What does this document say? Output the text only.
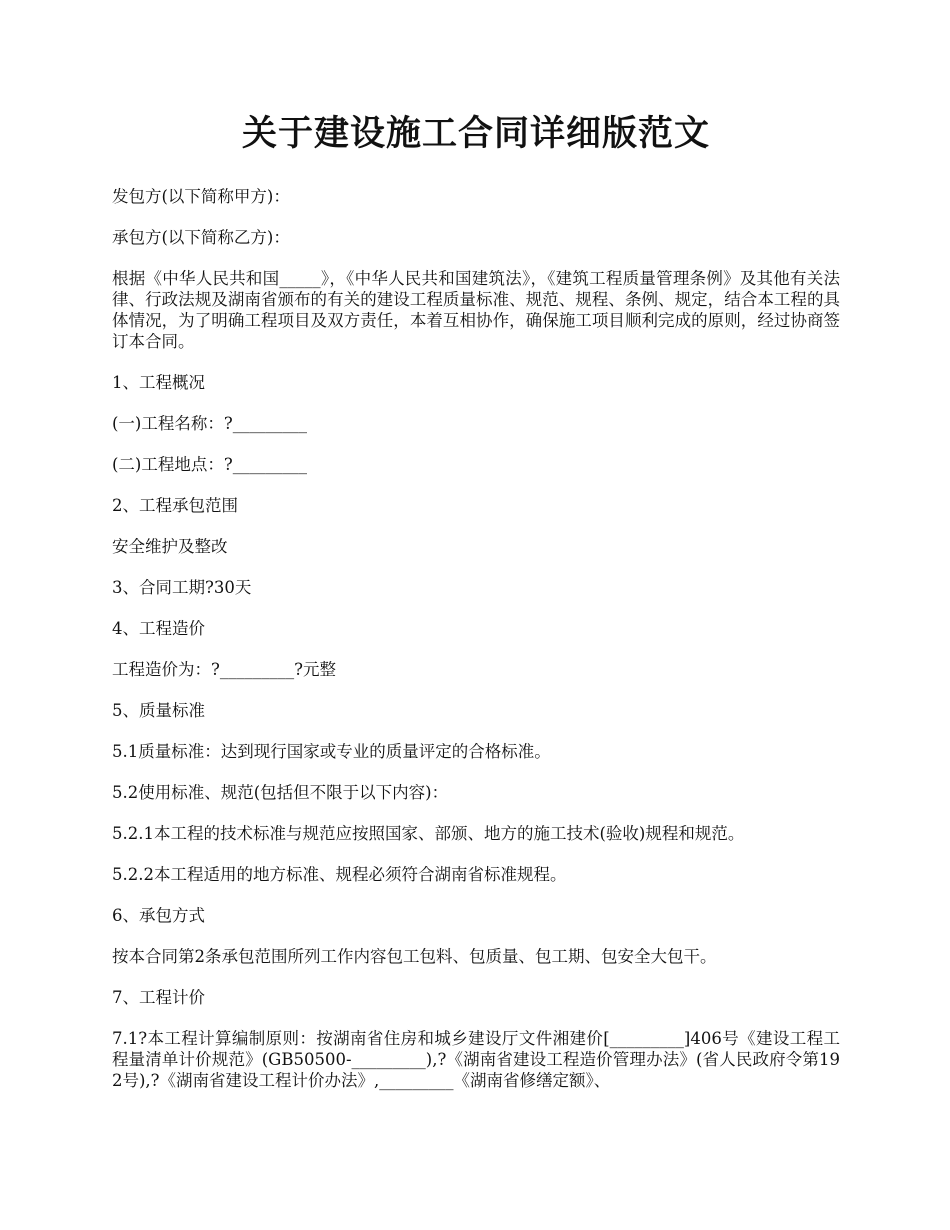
关于建设施工合同详细版范文

发包方(以下简称甲方)：

承包方(以下简称乙方)：

根据《中华人民共和国_____》，《中华人民共和国建筑法》，《建筑工程质量管理条例》及其他有关法律、行政法规及湖南省颁布的有关的建设工程质量标准、规范、规程、条例、规定，结合本工程的具体情况，为了明确工程项目及双方责任，本着互相协作，确保施工项目顺利完成的原则，经过协商签订本合同。

1、工程概况

(一)工程名称：?_________

(二)工程地点：?_________

2、工程承包范围

安全维护及整改

3、合同工期?30天

4、工程造价

工程造价为：?_________?元整

5、质量标准

5.1质量标准：达到现行国家或专业的质量评定的合格标准。

5.2使用标准、规范(包括但不限于以下内容)：

5.2.1本工程的技术标准与规范应按照国家、部颁、地方的施工技术(验收)规程和规范。

5.2.2本工程适用的地方标准、规程必须符合湖南省标准规程。

6、承包方式

按本合同第2条承包范围所列工作内容包工包料、包质量、包工期、包安全大包干。

7、工程计价

7.1?本工程计算编制原则：按湖南省住房和城乡建设厅文件湘建价[_________]406号《建设工程工程量清单计价规范》(GB50500-_________),?《湖南省建设工程造价管理办法》(省人民政府令第192号),?《湖南省建设工程计价办法》,_________《湖南省修缮定额》、
